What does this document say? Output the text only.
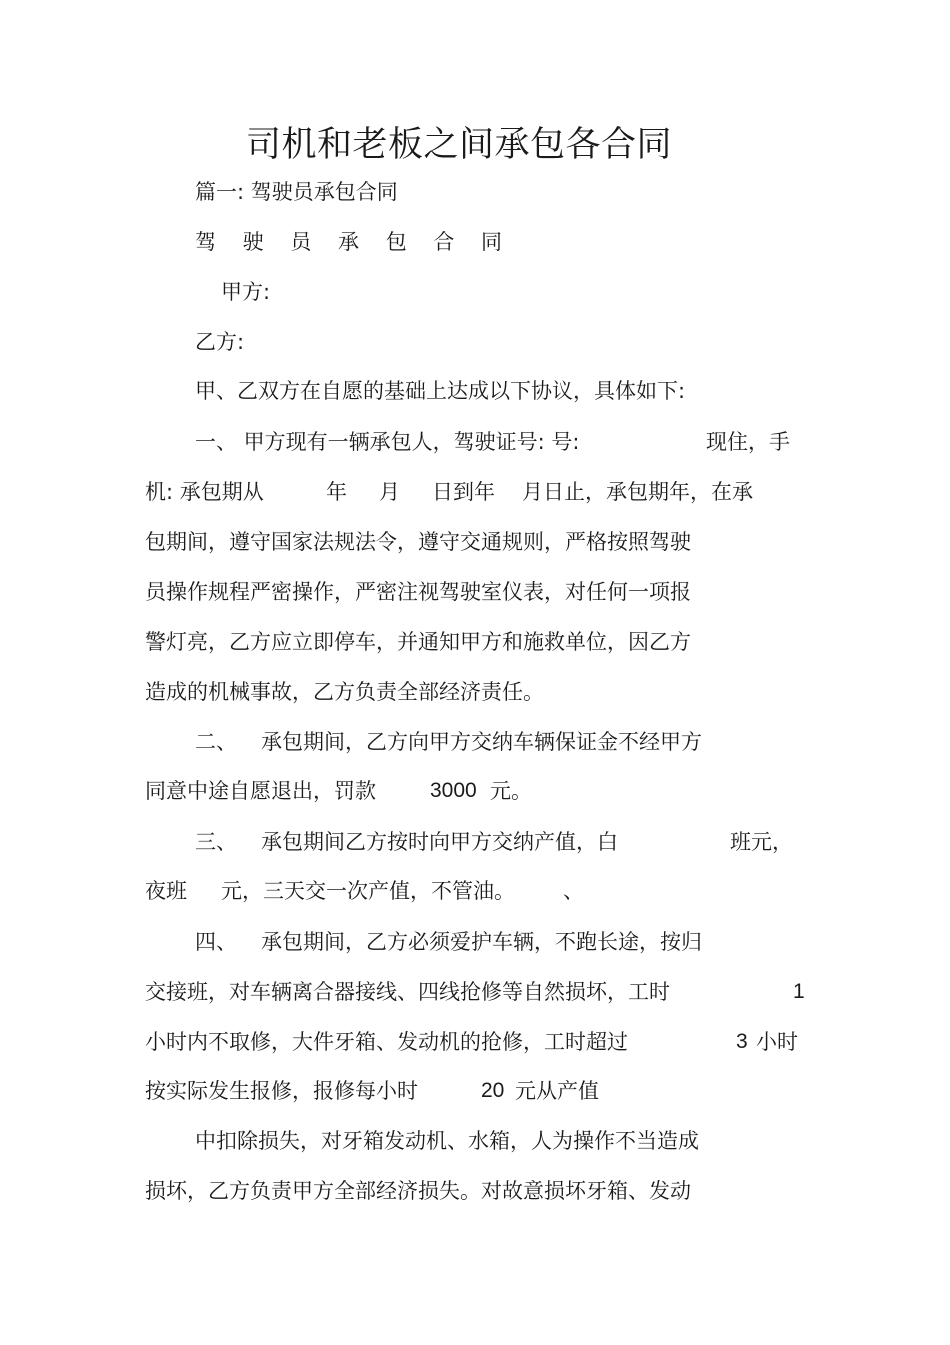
司机和老板之间承包各合同

篇一: 驾驶员承包合同

驾 驶 员 承 包 合 同

甲方:

乙方:

甲、乙双方在自愿的基础上达成以下协议，具体如下:

一、 甲方现有一辆承包人，驾驶证号: 号:	现住，手

机: 承包期从	年 月 日到年 月日止，承包期年，在承

包期间，遵守国家法规法令，遵守交通规则，严格按照驾驶

员操作规程严密操作，严密注视驾驶室仪表，对任何一项报

警灯亮，乙方应立即停车，并通知甲方和施救单位，因乙方

造成的机械事故，乙方负责全部经济责任。

二、 承包期间，乙方向甲方交纳车辆保证金不经甲方

同意中途自愿退出，罚款	3000 元。

三、 承包期间乙方按时向甲方交纳产值，白	班元，

夜班 元，三天交一次产值，不管油。 、

四、 承包期间，乙方必须爱护车辆，不跑长途，按归

交接班，对车辆离合器接线、四线抢修等自然损坏，工时	1

小时内不取修，大件牙箱、发动机的抢修，工时超过	3 小时

按实际发生报修，报修每小时	20 元从产值

中扣除损失，对牙箱发动机、水箱，人为操作不当造成

损坏，乙方负责甲方全部经济损失。对故意损坏牙箱、发动
